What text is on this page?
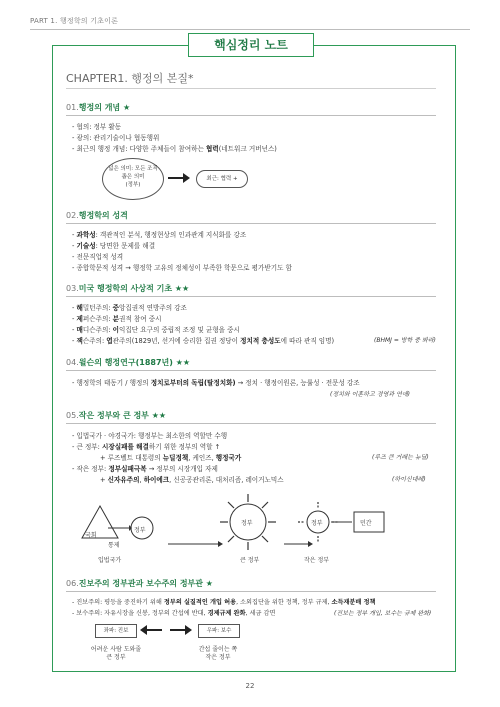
PART 1. 행정학의 기초이론
핵심정리 노트
CHAPTER1. 행정의 본질*
01.행정의 개념 ★
- 협의: 정부 활동
- 광의: 관리기술이나 협동행위
- 최근의 행정 개념: 다양한 주체들이 참여하는 협력(네트워크 거버넌스)
넓은 의미: 모든 조직
좁은 의미
(정부)
최근: 협력 +
02.행정학의 성격
- 과학성: 객관적인 분석, 행정현상의 인과관계 지식화를 강조
- 기술성: 당면한 문제를 해결
- 전문직업적 성격
- 종합학문적 성격 → 행정학 고유의 정체성이 부족한 학문으로 평가받기도 함
03.미국 행정학의 사상적 기초 ★★
- 해밀턴주의: 중앙집권적 연방주의 강조
- 제퍼슨주의: 분권적 참여 중시
- 매디슨주의: 이익집단 요구의 중립적 조정 및 균형을 중시
- 잭슨주의: 엽관주의(1829년, 선거에 승리한 집권 정당이 정치적 충성도에 따라 관직 임명)	(BHMJ = 방학 중 봐라)
04.윌슨의 행정연구(1887년) ★★
- 행정학의 태동기 / 행정의 정치로부터의 독립(탈정치화) → 정치 · 행정이원론, 능률성 · 전문성 강조
(정치와 이혼하고 경영과 연애)
05.작은 정부와 큰 정부 ★★
- 입법국가 · 야경국가: 행정부는 최소한의 역할만 수행
- 큰 정부: 시장실패를 해결하기 위한 정부의 역할 ↑
+ 루즈벨트 대통령의 뉴딜정책, 케인즈, 행정국가	(루즈 큰 거래는 뉴딜)
- 작은 정부: 정부실패극복 → 정부의 시장개입 자제
+ 신자유주의, 하이에크, 신공공관리론, 대처리즘, 레이거노믹스	(하이신대레)
국회
정부
통제
정부	정부	민간
입법국가	큰 정부	작은 정부
06.진보주의 정부관과 보수주의 정부관 ★
- 진보주의: 평등을 중진하기 위해 정부의 실질적인 개입 허용, 소외집단을 위한 정책, 정부 규제, 소득재분배 정책
- 보수주의: 자유시장을 신봉, 정부의 간섭에 반대, 경제규제 완화, 세금 감면	(진보는 정부 개입, 보수는 규제 완화)
좌파: 진보	우파: 보수
어려운 사람 도와줄
큰 정부
간섭 줄이는 쪽
작은 정부
22
